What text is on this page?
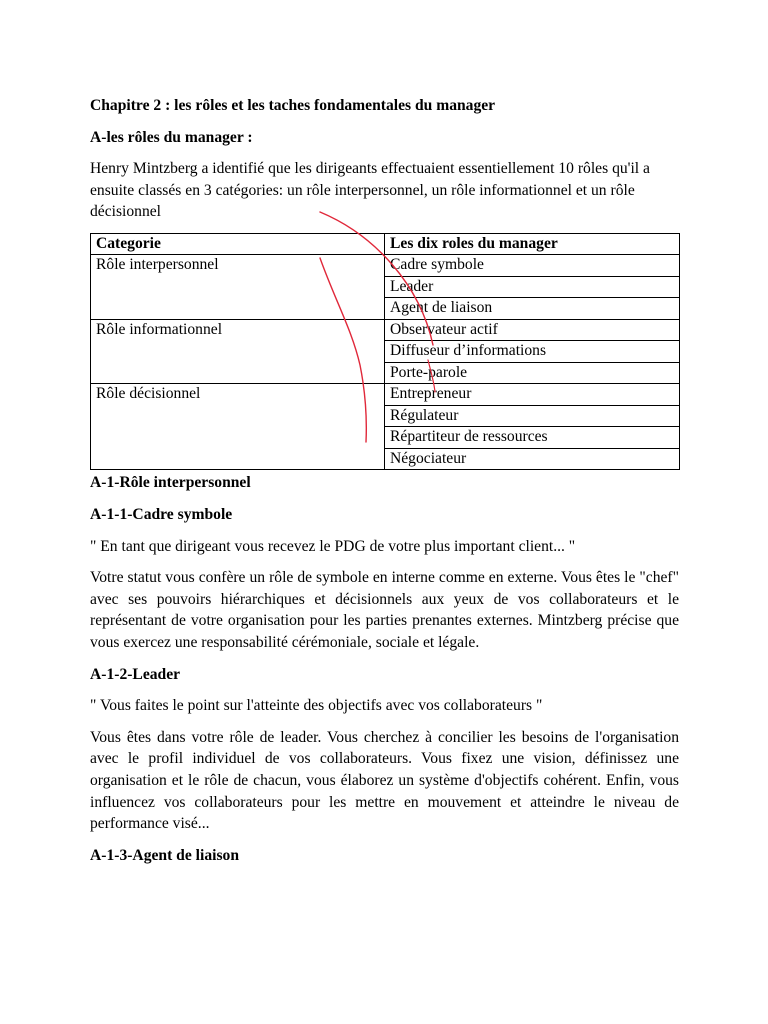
Chapitre 2 : les rôles et les taches fondamentales du manager
A-les rôles du manager :

Henry Mintzberg a identifié que les dirigeants effectuaient essentiellement 10 rôles qu'il a ensuite classés en 3 catégories: un rôle interpersonnel, un rôle informationnel et un rôle décisionnel

Categorie	Les dix roles du manager
Rôle interpersonnel	Cadre symbole
	Leader
	Agent de liaison
Rôle informationnel	Observateur actif
	Diffuseur d’informations
	Porte-parole
Rôle décisionnel	Entrepreneur
	Régulateur
	Répartiteur de ressources
	Négociateur
A-1-Rôle interpersonnel
A-1-1-Cadre symbole

" En tant que dirigeant vous recevez le PDG de votre plus important client... "

Votre statut vous confère un rôle de symbole en interne comme en externe. Vous êtes le "chef" avec ses pouvoirs hiérarchiques et décisionnels aux yeux de vos collaborateurs et le représentant de votre organisation pour les parties prenantes externes. Mintzberg précise que vous exercez une responsabilité cérémoniale, sociale et légale.

A-1-2-Leader

" Vous faites le point sur l'atteinte des objectifs avec vos collaborateurs "

Vous êtes dans votre rôle de leader. Vous cherchez à concilier les besoins de l'organisation avec le profil individuel de vos collaborateurs. Vous fixez une vision, définissez une organisation et le rôle de chacun, vous élaborez un système d'objectifs cohérent. Enfin, vous influencez vos collaborateurs pour les mettre en mouvement et atteindre le niveau de performance visé...

A-1-3-Agent de liaison
